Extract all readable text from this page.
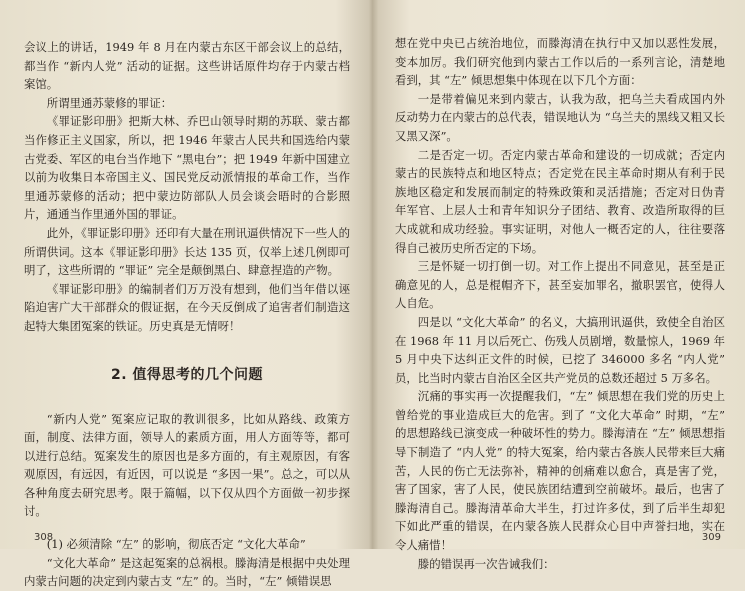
会议上的讲话，1949 年 8 月在内蒙古东区干部会议上的总结，都当作 “新内人党” 活动的证据。这些讲话原件均存于内蒙古档案馆。

所谓里通苏蒙修的罪证：

《罪证影印册》把斯大林、乔巴山领导时期的苏联、蒙古都当作修正主义国家，所以，把 1946 年蒙古人民共和国选给内蒙古党委、军区的电台当作地下 “黑电台”；把 1949 年新中国建立以前为收集日本帝国主义、国民党反动派情报的革命工作，当作里通苏蒙修的活动；把中蒙边防部队人员会谈会晤时的合影照片，通通当作里通外国的罪证。

此外，《罪证影印册》还印有大量在刑讯逼供情况下一些人的所谓供词。这本《罪证影印册》长达 135 页，仅举上述几例即可明了，这些所谓的 “罪证” 完全是颠倒黑白、肆意捏造的产物。

《罪证影印册》的编制者们万万没有想到，他们当年借以诬陷迫害广大干部群众的假证据，在今天反倒成了追害者们制造这起特大集团冤案的铁证。历史真是无情呀！

2. 值得思考的几个问题

“新内人党” 冤案应记取的教训很多，比如从路线、政策方面，制度、法律方面，领导人的素质方面，用人方面等等，都可以进行总结。冤案发生的原因也是多方面的，有主观原因，有客观原因，有远因，有近因，可以说是 “多因一果”。总之，可以从各种角度去研究思考。限于篇幅，以下仅从四个方面做一初步探讨。

(1) 必须清除 “左” 的影响，彻底否定 “文化大革命”

“文化大革命” 是这起冤案的总祸根。滕海清是根据中央处理内蒙古问题的决定到内蒙古支 “左” 的。当时，“左” 倾错误思

308

想在党中央已占统治地位，而滕海清在执行中又加以恶性发展，变本加厉。我们研究他到内蒙古工作以后的一系列言论，清楚地看到，其 “左” 倾思想集中体现在以下几个方面：

一是带着偏见来到内蒙古，认我为敌，把乌兰夫看成国内外反动势力在内蒙古的总代表，错误地认为 “乌兰夫的黑线又粗又长又黑又深”。

二是否定一切。否定内蒙古革命和建设的一切成就；否定内蒙古的民族特点和地区特点；否定党在民主革命时期从有利于民族地区稳定和发展而制定的特殊政策和灵活措施；否定对日伪青年军官、上层人士和青年知识分子团结、教育、改造所取得的巨大成就和成功经验。事实证明，对他人一概否定的人，往往要落得自己被历史所否定的下场。

三是怀疑一切打倒一切。对工作上提出不同意见，甚至是正确意见的人，总是棍帽齐下，甚至妄加罪名，撤职罢官，使得人人自危。

四是以 “文化大革命” 的名义，大搞刑讯逼供，致使全自治区在 1968 年 11 月以后死亡、伤残人员剧增，数量惊人，1969 年 5 月中央下达纠正文件的时候，已挖了 346000 多名 “内人党” 员，比当时内蒙古自治区全区共产党员的总数还超过 5 万多名。

沉痛的事实再一次提醒我们，“左” 倾思想在我们党的历史上曾给党的事业造成巨大的危害。到了 “文化大革命” 时期，“左” 的思想路线已演变成一种破坏性的势力。滕海清在 “左” 倾思想指导下制造了 “内人党” 的特大冤案，给内蒙古各族人民带来巨大痛苦，人民的伤亡无法弥补，精神的创痛难以愈合，真是害了党，害了国家，害了人民，使民族团结遭到空前破坏。最后，也害了滕海清自己。滕海清革命大半生，打过许多仗，到了后半生却犯下如此严重的错误，在内蒙各族人民群众心目中声誉扫地，实在令人痛惜！

滕的错误再一次告诫我们：

309
